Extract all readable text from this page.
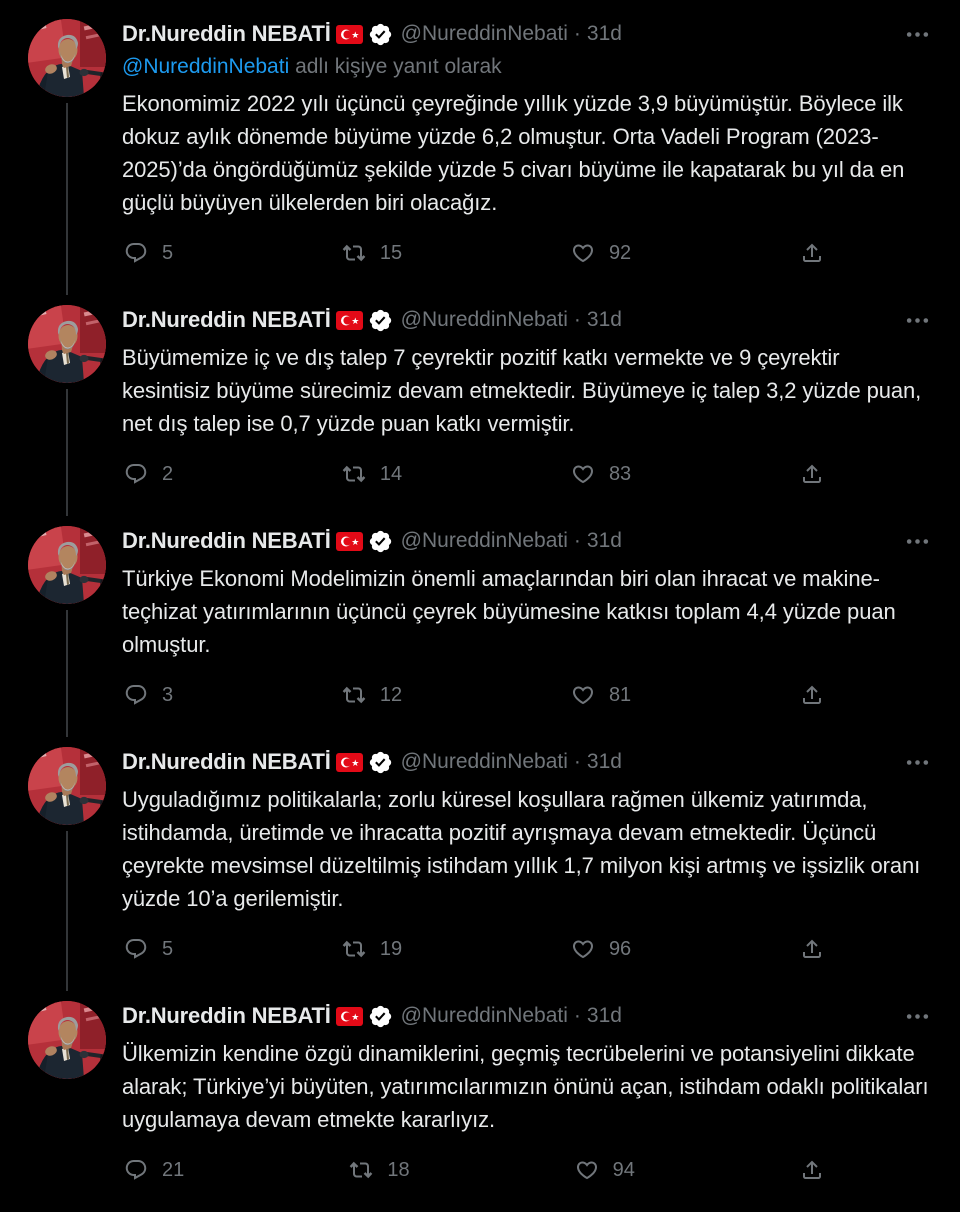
Dr.Nureddin NEBATİ	@NureddinNebati · 31d
@NureddinNebati adlı kişiye yanıt olarak
Ekonomimiz 2022 yılı üçüncü çeyreğinde yıllık yüzde 3,9 büyümüştür. Böylece ilk dokuz aylık dönemde büyüme yüzde 6,2 olmuştur. Orta Vadeli Program (2023-2025)’da öngördüğümüz şekilde yüzde 5 civarı büyüme ile kapatarak bu yıl da en güçlü büyüyen ülkelerden biri olacağız.
5	15	92
Dr.Nureddin NEBATİ	@NureddinNebati · 31d
Büyümemize iç ve dış talep 7 çeyrektir pozitif katkı vermekte ve 9 çeyrektir kesintisiz büyüme sürecimiz devam etmektedir. Büyümeye iç talep 3,2 yüzde puan, net dış talep ise 0,7 yüzde puan katkı vermiştir.
2	14	83
Dr.Nureddin NEBATİ	@NureddinNebati · 31d
Türkiye Ekonomi Modelimizin önemli amaçlarından biri olan ihracat ve makine-teçhizat yatırımlarının üçüncü çeyrek büyümesine katkısı toplam 4,4 yüzde puan olmuştur.
3	12	81
Dr.Nureddin NEBATİ	@NureddinNebati · 31d
Uyguladığımız politikalarla; zorlu küresel koşullara rağmen ülkemiz yatırımda, istihdamda, üretimde ve ihracatta pozitif ayrışmaya devam etmektedir. Üçüncü çeyrekte mevsimsel düzeltilmiş istihdam yıllık 1,7 milyon kişi artmış ve işsizlik oranı yüzde 10’a gerilemiştir.
5	19	96
Dr.Nureddin NEBATİ	@NureddinNebati · 31d
Ülkemizin kendine özgü dinamiklerini, geçmiş tecrübelerini ve potansiyelini dikkate alarak; Türkiye’yi büyüten, yatırımcılarımızın önünü açan, istihdam odaklı politikaları uygulamaya devam etmekte kararlıyız.
21	18	94
